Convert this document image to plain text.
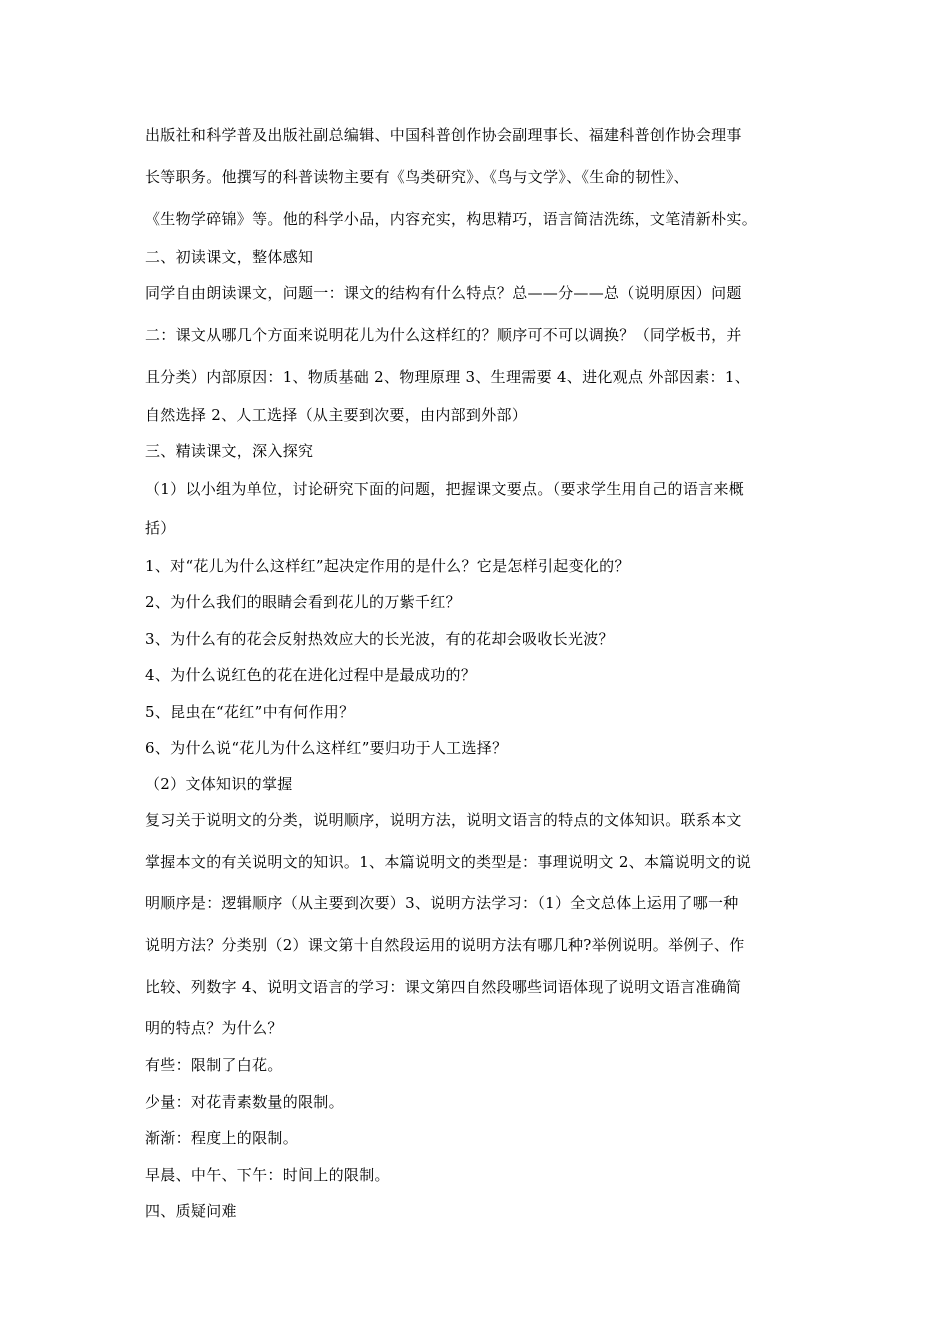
出版社和科学普及出版社副总编辑、中国科普创作协会副理事长、福建科普创作协会理事
长等职务。他撰写的科普读物主要有《鸟类研究》、《鸟与文学》、《生命的韧性》、
《生物学碎锦》等。他的科学小品，内容充实，构思精巧，语言简洁洗练，文笔清新朴实。
二、初读课文，整体感知
同学自由朗读课文，问题一：课文的结构有什么特点？总——分——总（说明原因）问题
二：课文从哪几个方面来说明花儿为什么这样红的？顺序可不可以调换？（同学板书，并
且分类）内部原因：1、物质基础 2、物理原理 3、生理需要 4、进化观点 外部因素：1、
自然选择 2、人工选择（从主要到次要，由内部到外部）
三、精读课文，深入探究
（1）以小组为单位，讨论研究下面的问题，把握课文要点。（要求学生用自己的语言来概
括）
1、对“花儿为什么这样红”起决定作用的是什么？它是怎样引起变化的？
2、为什么我们的眼睛会看到花儿的万紫千红？
3、为什么有的花会反射热效应大的长光波，有的花却会吸收长光波？
4、为什么说红色的花在进化过程中是最成功的？
5、昆虫在“花红”中有何作用？
6、为什么说“花儿为什么这样红”要归功于人工选择？
（2）文体知识的掌握
复习关于说明文的分类，说明顺序，说明方法，说明文语言的特点的文体知识。联系本文
掌握本文的有关说明文的知识。1、本篇说明文的类型是：事理说明文 2、本篇说明文的说
明顺序是：逻辑顺序（从主要到次要）3、说明方法学习：（1）全文总体上运用了哪一种
说明方法？分类别（2）课文第十自然段运用的说明方法有哪几种?举例说明。举例子、作
比较、列数字 4、说明文语言的学习：课文第四自然段哪些词语体现了说明文语言准确简
明的特点？为什么？
有些：限制了白花。
少量：对花青素数量的限制。
渐渐：程度上的限制。
早晨、中午、下午：时间上的限制。
四、质疑问难
